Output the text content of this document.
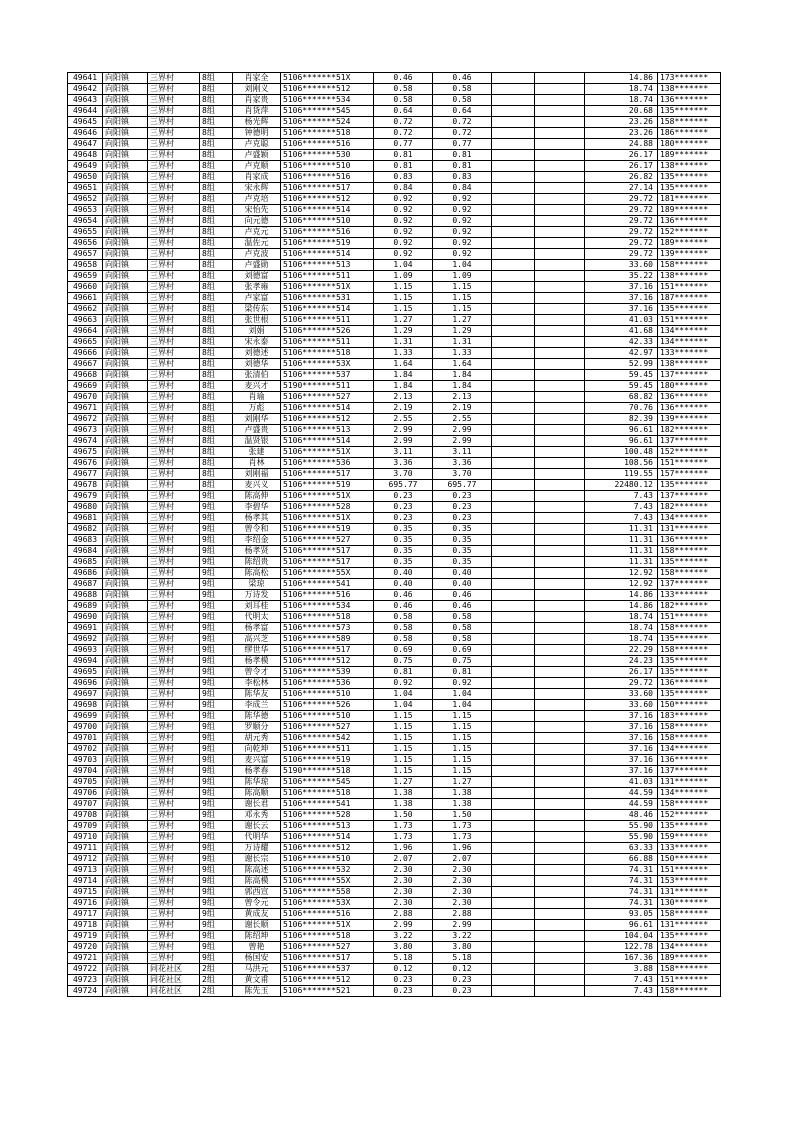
49641	向阳镇	三界村	8组	肖家全	5106*******51X	0.46	0.46			14.86	173*******
49642	向阳镇	三界村	8组	刘刚义	5106*******512	0.58	0.58			18.74	138*******
49643	向阳镇	三界村	8组	肖家贵	5106*******534	0.58	0.58			18.74	136*******
49644	向阳镇	三界村	8组	肖货萍	5106*******545	0.64	0.64			20.68	135*******
49645	向阳镇	三界村	8组	杨光辉	5106*******524	0.72	0.72			23.26	158*******
49646	向阳镇	三界村	8组	钟德明	5106*******518	0.72	0.72			23.26	186*******
49647	向阳镇	三界村	8组	卢克聪	5106*******516	0.77	0.77			24.88	180*******
49648	向阳镇	三界村	8组	卢盛颖	5106*******530	0.81	0.81			26.17	189*******
49649	向阳镇	三界村	8组	卢克顺	5106*******510	0.81	0.81			26.17	138*******
49650	向阳镇	三界村	8组	肖家成	5106*******516	0.83	0.83			26.82	135*******
49651	向阳镇	三界村	8组	宋永辉	5106*******517	0.84	0.84			27.14	135*******
49652	向阳镇	三界村	8组	卢克培	5106*******512	0.92	0.92			29.72	181*******
49653	向阳镇	三界村	8组	宋怡先	5106*******514	0.92	0.92			29.72	189*******
49654	向阳镇	三界村	8组	向元德	5106*******510	0.92	0.92			29.72	136*******
49655	向阳镇	三界村	8组	卢克元	5106*******516	0.92	0.92			29.72	152*******
49656	向阳镇	三界村	8组	温佐元	5106*******519	0.92	0.92			29.72	189*******
49657	向阳镇	三界村	8组	卢克波	5106*******514	0.92	0.92			29.72	139*******
49658	向阳镇	三界村	8组	卢盛勋	5106*******513	1.04	1.04			33.60	158*******
49659	向阳镇	三界村	8组	刘德富	5106*******511	1.09	1.09			35.22	138*******
49660	向阳镇	三界村	8组	张孝雍	5106*******51X	1.15	1.15			37.16	151*******
49661	向阳镇	三界村	8组	卢家富	5106*******531	1.15	1.15			37.16	187*******
49662	向阳镇	三界村	8组	梁传东	5106*******514	1.15	1.15			37.16	135*******
49663	向阳镇	三界村	8组	张世根	5106*******511	1.27	1.27			41.03	151*******
49664	向阳镇	三界村	8组	刘娟	5106*******526	1.29	1.29			41.68	134*******
49665	向阳镇	三界村	8组	宋永泰	5106*******511	1.31	1.31			42.33	134*******
49666	向阳镇	三界村	8组	刘德述	5106*******518	1.33	1.33			42.97	133*******
49667	向阳镇	三界村	8组	刘德华	5106*******53X	1.64	1.64			52.99	138*******
49668	向阳镇	三界村	8组	张清伯	5106*******537	1.84	1.84			59.45	137*******
49669	向阳镇	三界村	8组	麦兴才	5190*******511	1.84	1.84			59.45	180*******
49670	向阳镇	三界村	8组	肖瑜	5106*******527	2.13	2.13			68.82	136*******
49671	向阳镇	三界村	8组	万彪	5106*******514	2.19	2.19			70.76	136*******
49672	向阳镇	三界村	8组	刘刚华	5106*******512	2.55	2.55			82.39	139*******
49673	向阳镇	三界村	8组	卢盛贵	5106*******513	2.99	2.99			96.61	182*******
49674	向阳镇	三界村	8组	温贤银	5106*******514	2.99	2.99			96.61	137*******
49675	向阳镇	三界村	8组	张建	5106*******51X	3.11	3.11			100.48	152*******
49676	向阳镇	三界村	8组	肖林	5106*******536	3.36	3.36			108.56	151*******
49677	向阳镇	三界村	8组	刘刚福	5106*******517	3.70	3.70			119.55	157*******
49678	向阳镇	三界村	8组	麦兴义	5106*******519	695.77	695.77			22480.12	135*******
49679	向阳镇	三界村	9组	陈高伸	5106*******51X	0.23	0.23			7.43	137*******
49680	向阳镇	三界村	9组	李碧华	5106*******528	0.23	0.23			7.43	182*******
49681	向阳镇	三界村	9组	杨孝其	5106*******51X	0.23	0.23			7.43	134*******
49682	向阳镇	三界村	9组	曾令和	5106*******519	0.35	0.35			11.31	131*******
49683	向阳镇	三界村	9组	李绍金	5106*******527	0.35	0.35			11.31	136*******
49684	向阳镇	三界村	9组	杨孝贤	5106*******517	0.35	0.35			11.31	158*******
49685	向阳镇	三界村	9组	陈绍贵	5106*******517	0.35	0.35			11.31	135*******
49686	向阳镇	三界村	9组	陈高松	5106*******55X	0.40	0.40			12.92	158*******
49687	向阳镇	三界村	9组	梁琼	5106*******541	0.40	0.40			12.92	137*******
49688	向阳镇	三界村	9组	万诗发	5106*******516	0.46	0.46			14.86	133*******
49689	向阳镇	三界村	9组	刘耳桂	5106*******534	0.46	0.46			14.86	182*******
49690	向阳镇	三界村	9组	代明太	5106*******518	0.58	0.58			18.74	151*******
49691	向阳镇	三界村	9组	杨孝富	5106*******573	0.58	0.58			18.74	158*******
49692	向阳镇	三界村	9组	高兴芝	5106*******589	0.58	0.58			18.74	135*******
49693	向阳镇	三界村	9组	缪世华	5106*******517	0.69	0.69			22.29	158*******
49694	向阳镇	三界村	9组	杨孝模	5106*******512	0.75	0.75			24.23	135*******
49695	向阳镇	三界村	9组	曾令才	5106*******539	0.81	0.81			26.17	135*******
49696	向阳镇	三界村	9组	李松林	5106*******536	0.92	0.92			29.72	136*******
49697	向阳镇	三界村	9组	陈华友	5106*******510	1.04	1.04			33.60	135*******
49698	向阳镇	三界村	9组	李成兰	5106*******526	1.04	1.04			33.60	150*******
49699	向阳镇	三界村	9组	陈华德	5106*******510	1.15	1.15			37.16	183*******
49700	向阳镇	三界村	9组	罗顺分	5106*******527	1.15	1.15			37.16	158*******
49701	向阳镇	三界村	9组	胡元秀	5106*******542	1.15	1.15			37.16	158*******
49702	向阳镇	三界村	9组	向乾坤	5106*******511	1.15	1.15			37.16	134*******
49703	向阳镇	三界村	9组	麦兴富	5106*******519	1.15	1.15			37.16	136*******
49704	向阳镇	三界村	9组	杨孝春	5190*******518	1.15	1.15			37.16	137*******
49705	向阳镇	三界村	9组	陈华琼	5106*******545	1.27	1.27			41.03	131*******
49706	向阳镇	三界村	9组	陈高顺	5106*******518	1.38	1.38			44.59	134*******
49707	向阳镇	三界村	9组	谢长君	5106*******541	1.38	1.38			44.59	158*******
49708	向阳镇	三界村	9组	邓永秀	5106*******528	1.50	1.50			48.46	152*******
49709	向阳镇	三界村	9组	谢长云	5106*******513	1.73	1.73			55.90	135*******
49710	向阳镇	三界村	9组	代明华	5106*******514	1.73	1.73			55.90	159*******
49711	向阳镇	三界村	9组	万诗耀	5106*******512	1.96	1.96			63.33	133*******
49712	向阳镇	三界村	9组	谢长宗	5106*******510	2.07	2.07			66.88	150*******
49713	向阳镇	三界村	9组	陈高述	5106*******532	2.30	2.30			74.31	151*******
49714	向阳镇	三界村	9组	陈高模	5106*******55X	2.30	2.30			74.31	153*******
49715	向阳镇	三界村	9组	郭西宣	5106*******558	2.30	2.30			74.31	131*******
49716	向阳镇	三界村	9组	曾令元	5106*******53X	2.30	2.30			74.31	130*******
49717	向阳镇	三界村	9组	黄成友	5106*******516	2.88	2.88			93.05	158*******
49718	向阳镇	三界村	9组	谢长顺	5106*******51X	2.99	2.99			96.61	131*******
49719	向阳镇	三界村	9组	陈绍坤	5106*******518	3.22	3.22			104.04	135*******
49720	向阳镇	三界村	9组	曾艳	5106*******527	3.80	3.80			122.78	134*******
49721	向阳镇	三界村	9组	杨国安	5106*******517	5.18	5.18			167.36	189*******
49722	向阳镇	同花社区	2组	马洪元	5106*******537	0.12	0.12			3.88	158*******
49723	向阳镇	同花社区	2组	黄文甫	5106*******512	0.23	0.23			7.43	151*******
49724	向阳镇	同花社区	2组	陈先玉	5106*******521	0.23	0.23			7.43	158*******
